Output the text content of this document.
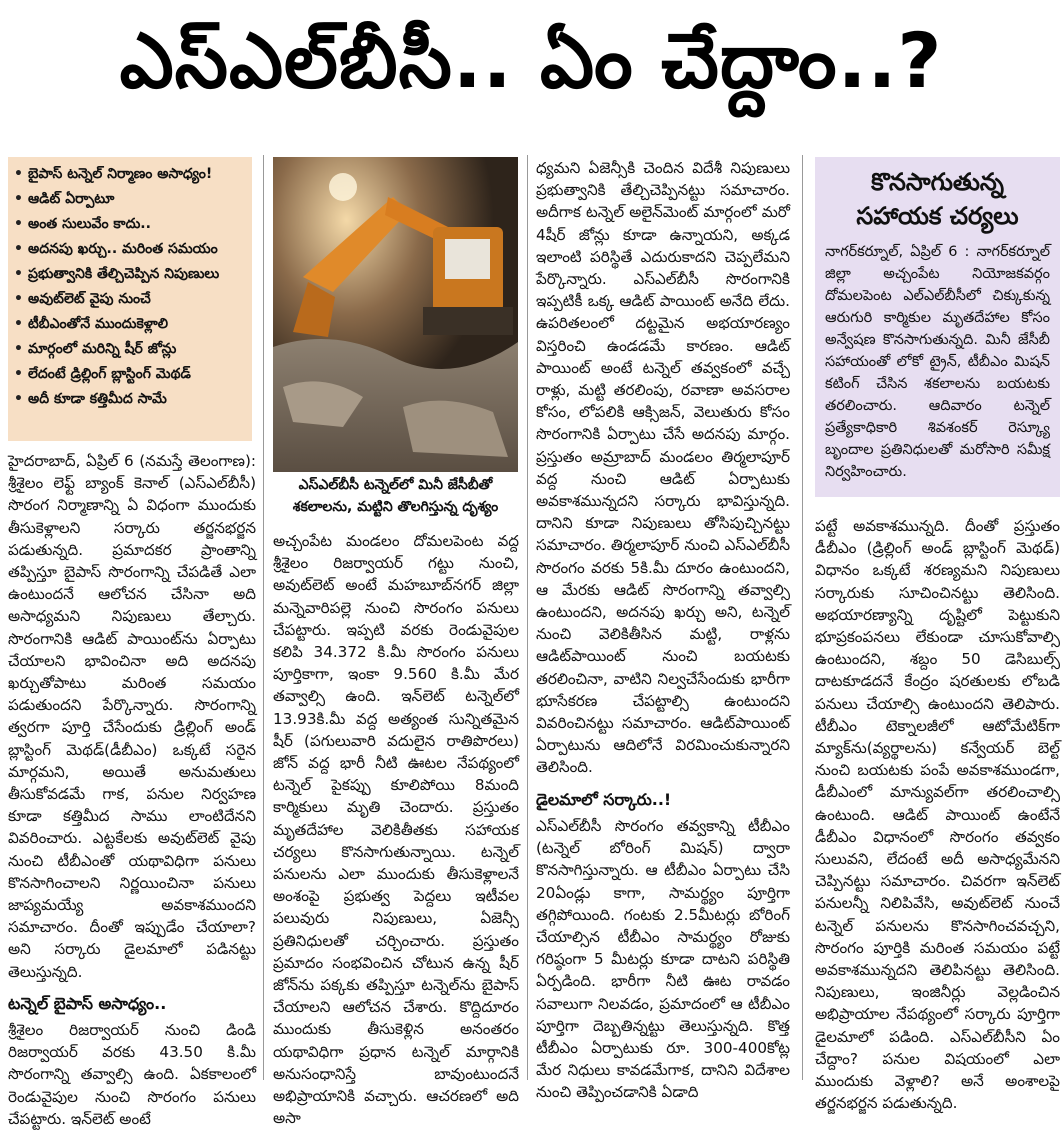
ఎస్ఎల్‌బీసీ.. ఏం చేద్దాం..?
• బైపాస్ టన్నెల్ నిర్మాణం అసాధ్యం!
• ఆడిట్ ఏర్పాటూ
• అంత సులువేం కాదు..
• అదనపు ఖర్చు.. మరింత సమయం
• ప్రభుత్వానికి తేల్చిచెప్పిన నిపుణులు
• అవుట్‌లెట్ వైపు నుంచే
• టీబీఎంతోనే ముందుకెళ్లాలి
• మార్గంలో మరిన్ని షీర్ జోన్లు
• లేదంటే డ్రిల్లింగ్ బ్లాస్టింగ్ మెథడ్
• అదీ కూడా కత్తిమీద సామే

హైదరాబాద్, ఏప్రిల్ 6 (నమస్తే తెలంగాణ): శ్రీశైలం లెఫ్ట్ బ్యాంక్ కెనాల్ (ఎస్ఎల్‌బీసీ) సొరంగ నిర్మాణాన్ని ఏ విధంగా ముందుకు తీసుకెళ్లాలని సర్కారు తర్జనభర్జన పడుతున్నది. ప్రమాదకర ప్రాంతాన్ని తప్పిస్తూ బైపాస్ సొరంగాన్ని చేపడితే ఎలా ఉంటుందనే ఆలోచన చేసినా అది అసాధ్యమని నిపుణులు తేల్చారు. సొరంగానికి ఆడిట్ పాయింట్‌ను ఏర్పాటు చేయాలని భావించినా అది అదనపు ఖర్చుతోపాటు మరింత సమయం పడుతుందని పేర్కొన్నారు. సొరంగాన్ని త్వరగా పూర్తి చేసేందుకు డ్రిల్లింగ్ అండ్ బ్లాస్టింగ్ మెథడ్(డీబీఎం) ఒక్కటే సరైన మార్గమని, అయితే అనుమతులు తీసుకోవడమే గాక, పనుల నిర్వహణ కూడా కత్తిమీద సాము లాంటిదేనని వివరించారు. ఎట్టకేలకు అవుట్‌లెట్ వైపు నుంచి టీబీఎంతో యథావిధిగా పనులు కొనసాగించాలని నిర్ణయించినా పనులు జాప్యమయ్యే అవకాశముందని సమాచారం. దీంతో ఇప్పుడేం చేయాలా? అని సర్కారు డైలమాలో పడినట్టు తెలుస్తున్నది.

టన్నెల్ బైపాస్ అసాధ్యం..

శ్రీశైలం రిజర్వాయర్ నుంచి డిండి రిజర్వాయర్ వరకు 43.50 కి.మీ సొరంగాన్ని తవ్వాల్సి ఉంది. ఏకకాలంలో రెండువైపుల నుంచి సొరంగం పనులు చేపట్టారు. ఇన్‌లెట్ అంటే

ఎస్ఎల్‌బీసీ టన్నెల్‌లో మినీ జేసీబీతో శకలాలను, మట్టిని తొలగిస్తున్న దృశ్యం

అచ్చంపేట మండలం దోమలపెంట వద్ద శ్రీశైలం రిజర్వాయర్ గట్టు నుంచి, అవుట్‌లెట్ అంటే మహబూబ్‌నగర్ జిల్లా మన్నెవారిపల్లె నుంచి సొరంగం పనులు చేపట్టారు. ఇప్పటి వరకు రెండువైపుల కలిపి 34.372 కి.మీ సొరంగం పనులు పూర్తికాగా, ఇంకా 9.560 కి.మీ మేర తవ్వాల్సి ఉంది. ఇన్‌లెట్ టన్నెల్‌లో 13.93కి.మీ వద్ద అత్యంత సున్నితమైన షీర్ (పగులువారి వదులైన రాతిపొరలు) జోన్ వద్ద భారీ నీటి ఊటల నేపథ్యంలో టన్నెల్ పైకప్పు కూలిపోయి 8మంది కార్మికులు మృతి చెందారు. ప్రస్తుతం మృతదేహాల వెలికితీతకు సహాయక చర్యలు కొనసాగుతున్నాయి. టన్నెల్ పనులను ఎలా ముందుకు తీసుకెళ్లాలనే అంశంపై ప్రభుత్వ పెద్దలు ఇటీవల పలువురు నిపుణులు, ఏజెన్సీ ప్రతినిధులతో చర్చించారు. ప్రస్తుతం ప్రమాదం సంభవించిన చోటున ఉన్న షీర్ జోన్‌ను పక్కకు తప్పిస్తూ టన్నెల్‌ను బైపాస్ చేయాలని ఆలోచన చేశారు. కొద్దిదూరం ముందుకు తీసుకెళ్లిన అనంతరం యథావిధిగా ప్రధాన టన్నెల్ మార్గానికి అనుసంధానిస్తే బావుంటుందనే అభిప్రాయానికి వచ్చారు. ఆచరణలో అది అసా

ధ్యమని ఏజెన్సీకి చెందిన విదేశీ నిపుణులు ప్రభుత్వానికి తేల్చిచెప్పినట్టు సమాచారం. అదీగాక టన్నెల్ అలైన్‌మెంట్ మార్గంలో మరో 4షీర్ జోన్లు కూడా ఉన్నాయని, అక్కడ ఇలాంటి పరిస్థితే ఎదురుకాదని చెప్పలేమని పేర్కొన్నారు. ఎస్ఎల్‌బీసీ సొరంగానికి ఇప్పటికీ ఒక్క ఆడిట్ పాయింట్ అనేది లేదు. ఉపరితలంలో దట్టమైన అభయారణ్యం విస్తరించి ఉండడమే కారణం. ఆడిట్ పాయింట్ అంటే టన్నెల్ తవ్వకంలో వచ్చే రాళ్లు, మట్టి తరలింపు, రవాణా అవసరాల కోసం, లోపలికి ఆక్సిజన్, వెలుతురు కోసం సొరంగానికి ఏర్పాటు చేసే అదనపు మార్గం. ప్రస్తుతం అమ్రాబాద్ మండలం తిర్మలాపూర్ వద్ద నుంచి ఆడిట్ ఏర్పాటుకు అవకాశమున్నదని సర్కారు భావిస్తున్నది. దానిని కూడా నిపుణులు తోసిపుచ్చినట్టు సమాచారం. తిర్మలాపూర్ నుంచి ఎస్ఎల్‌బీసీ సొరంగం వరకు 5కి.మీ దూరం ఉంటుందని, ఆ మేరకు ఆడిట్ సొరంగాన్ని తవ్వాల్సి ఉంటుందని, అదనపు ఖర్చు అని, టన్నెల్ నుంచి వెలికితీసిన మట్టి, రాళ్లను ఆడిట్‌పాయింట్ నుంచి బయటకు తరలించినా, వాటిని నిల్వచేసేందుకు భారీగా భూసేకరణ చేపట్టాల్సి ఉంటుందని వివరించినట్టు సమాచారం. ఆడిట్‌పాయింట్ ఏర్పాటును ఆదిలోనే విరమించుకున్నారని తెలిసింది.

డైలమాలో సర్కారు..!

ఎస్ఎల్‌బీసీ సొరంగం తవ్వకాన్ని టీబీఎం (టన్నెల్ బోరింగ్ మిషన్) ద్వారా కొనసాగిస్తున్నారు. ఆ టీబీఎం ఏర్పాటు చేసి 20ఏండ్లు కాగా, సామర్థ్యం పూర్తిగా తగ్గిపోయింది. గంటకు 2.5మీటర్లు బోరింగ్ చేయాల్సిన టీబీఎం సామర్థ్యం రోజుకు గరిష్ఠంగా 5 మీటర్లు కూడా దాటని పరిస్థితి ఏర్పడింది. భారీగా నీటి ఊట రావడం సవాలుగా నిలవడం, ప్రమాదంలో ఆ టీబీఎం పూర్తిగా దెబ్బతిన్నట్టు తెలుస్తున్నది. కొత్త టీబీఎం ఏర్పాటుకు రూ. 300-400కోట్ల మేర నిధులు కావడమేగాక, దానిని విదేశాల నుంచి తెప్పించడానికి ఏడాది

కొనసాగుతున్న
సహాయక చర్యలు
నాగర్‌కర్నూల్, ఏప్రిల్ 6 : నాగర్‌కర్నూల్ జిల్లా అచ్చంపేట నియోజకవర్గం దోమలపెంట ఎల్ఎల్‌బీసీలో చిక్కుకున్న ఆరుగురి కార్మికుల మృతదేహాల కోసం అన్వేషణ కొనసాగుతున్నది. మినీ జేసీబీ సహాయంతో లోకో ట్రైన్, టీబీఎం మిషన్ కటింగ్ చేసిన శకలాలను బయటకు తరలించారు. ఆదివారం టన్నెల్ ప్రత్యేకాధికారి శివశంకర్ రెస్క్యూ బృందాల ప్రతినిధులతో మరోసారి సమీక్ష నిర్వహించారు.

పట్టే అవకాశమున్నది. దీంతో ప్రస్తుతం డీబీఎం (డ్రిల్లింగ్ అండ్ బ్లాస్టింగ్ మెథడ్) విధానం ఒక్కటే శరణ్యమని నిపుణులు సర్కారుకు సూచించినట్టు తెలిసింది. అభయారణ్యాన్ని దృష్టిలో పెట్టుకుని భూప్రకంపనలు లేకుండా చూసుకోవాల్సి ఉంటుందని, శబ్దం 50 డెసిబుల్స్ దాటకూడదనే కేంద్రం షరతులకు లోబడి పనులు చేయాల్సి ఉంటుందని తెలిపారు. టీబీఎం టెక్నాలజీలో ఆటోమేటిక్‌గా మ్యాక్‌ను(వ్యర్థాలను) కన్వేయర్ బెల్ట్ నుంచి బయటకు పంపే అవకాశముండగా, డీబీఎంలో మాన్యువల్‌గా తరలించాల్సి ఉంటుంది. ఆడిట్ పాయింట్ ఉంటేనే డీబీఎం విధానంలో సొరంగం తవ్వకం సులువని, లేదంటే అదీ అసాధ్యమేనని చెప్పినట్టు సమాచారం. చివరగా ఇన్‌లెట్ పనులన్నీ నిలిపివేసి, అవుట్‌లెట్ నుంచే టన్నెల్ పనులను కొనసాగించవచ్చని, సొరంగం పూర్తికి మరింత సమయం పట్టే అవకాశమున్నదని తెలిపినట్టు తెలిసింది. నిపుణులు, ఇంజినీర్లు వెల్లడించిన అభిప్రాయాల నేపథ్యంలో సర్కారు పూర్తిగా డైలమాలో పడింది. ఎస్ఎల్‌బీసీని ఏం చేద్దాం? పనుల విషయంలో ఎలా ముందుకు వెళ్లాలి? అనే అంశాలపై తర్జనభర్జన పడుతున్నది.
